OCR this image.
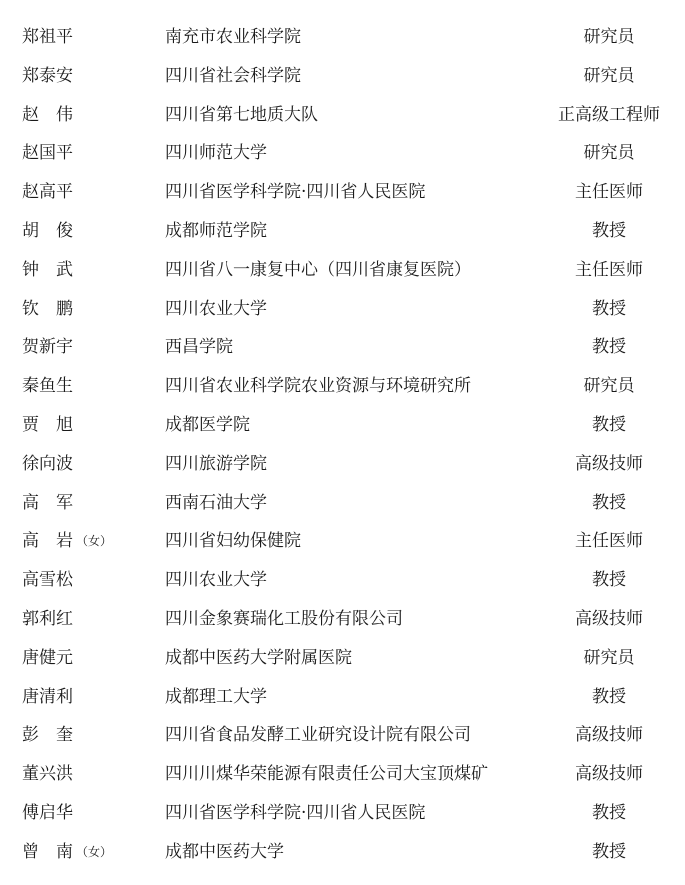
郑祖平	南充市农业科学院	研究员
郑泰安	四川省社会科学院	研究员
赵　伟	四川省第七地质大队	正高级工程师
赵国平	四川师范大学	研究员
赵高平	四川省医学科学院·四川省人民医院	主任医师
胡　俊	成都师范学院	教授
钟　武	四川省八一康复中心（四川省康复医院）	主任医师
钦　鹏	四川农业大学	教授
贺新宇	西昌学院	教授
秦鱼生	四川省农业科学院农业资源与环境研究所	研究员
贾　旭	成都医学院	教授
徐向波	四川旅游学院	高级技师
高　军	西南石油大学	教授
高　岩 （女）	四川省妇幼保健院	主任医师
高雪松	四川农业大学	教授
郭利红	四川金象赛瑞化工股份有限公司	高级技师
唐健元	成都中医药大学附属医院	研究员
唐清利	成都理工大学	教授
彭　奎	四川省食品发酵工业研究设计院有限公司	高级技师
董兴洪	四川川煤华荣能源有限责任公司大宝顶煤矿	高级技师
傅启华	四川省医学科学院·四川省人民医院	教授
曾　南 （女）	成都中医药大学	教授
